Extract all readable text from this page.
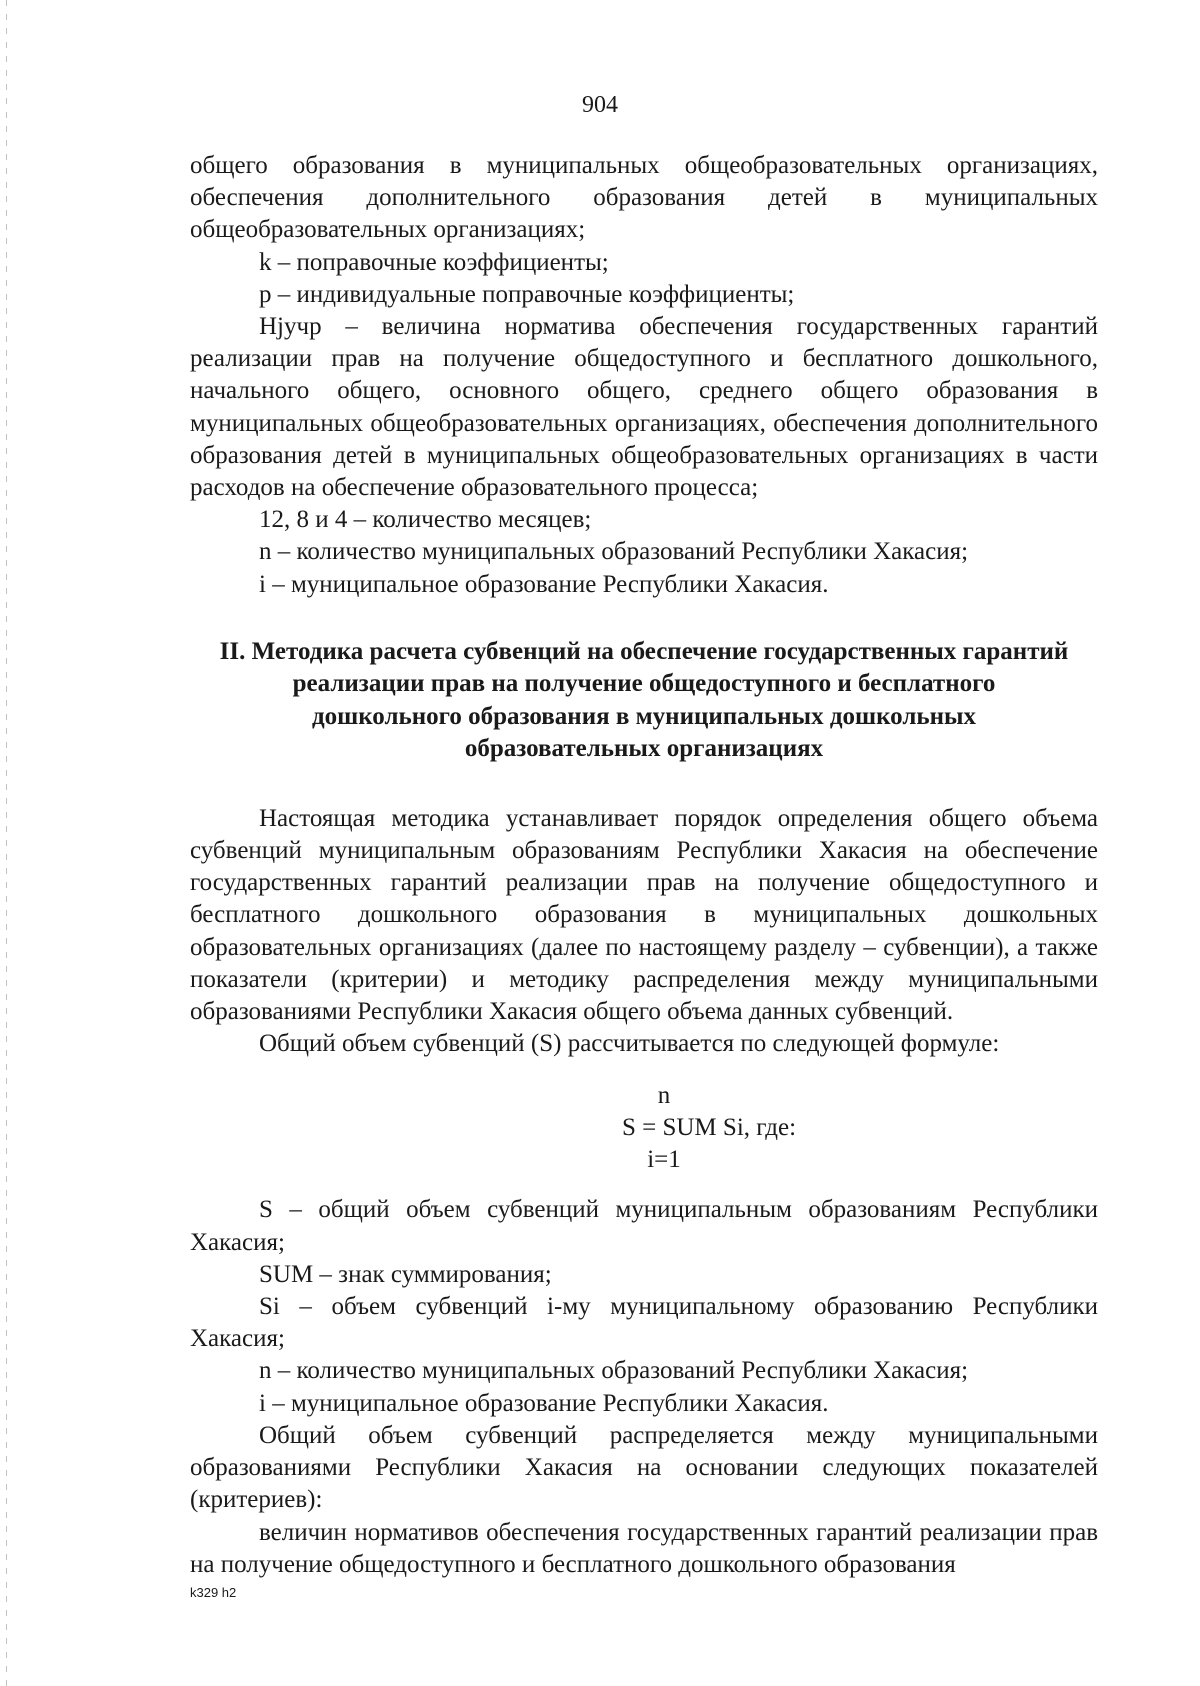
904

общего образования в муниципальных общеобразовательных организациях, обеспечения дополнительного образования детей в муниципальных общеобразовательных организациях;

k – поправочные коэффициенты;

p – индивидуальные поправочные коэффициенты;

Нјучр – величина норматива обеспечения государственных гарантий реализации прав на получение общедоступного и бесплатного дошкольного, начального общего, основного общего, среднего общего образования в муниципальных общеобразовательных организациях, обеспечения дополнительного образования детей в муниципальных общеобразовательных организациях в части расходов на обеспечение образовательного процесса;

12, 8 и 4 – количество месяцев;

n – количество муниципальных образований Республики Хакасия;

i – муниципальное образование Республики Хакасия.

II. Методика расчета субвенций на обеспечение государственных гарантий
реализации прав на получение общедоступного и бесплатного
дошкольного образования в муниципальных дошкольных
образовательных организациях

Настоящая методика устанавливает порядок определения общего объема субвенций муниципальным образованиям Республики Хакасия на обеспечение государственных гарантий реализации прав на получение общедоступного и бесплатного дошкольного образования в муниципальных дошкольных образовательных организациях (далее по настоящему разделу – субвенции), а также показатели (критерии) и методику распределения между муниципальными образованиями Республики Хакасия общего объема данных субвенций.

Общий объем субвенций (S) рассчитывается по следующей формуле:

n
S = SUM Si, где:
i=1

S – общий объем субвенций муниципальным образованиям Республики Хакасия;

SUM – знак суммирования;

Si – объем субвенций i-му муниципальному образованию Республики Хакасия;

n – количество муниципальных образований Республики Хакасия;

i – муниципальное образование Республики Хакасия.

Общий объем субвенций распределяется между муниципальными образованиями Республики Хакасия на основании следующих показателей (критериев):

величин нормативов обеспечения государственных гарантий реализации прав на получение общедоступного и бесплатного дошкольного образования

k329 h2
